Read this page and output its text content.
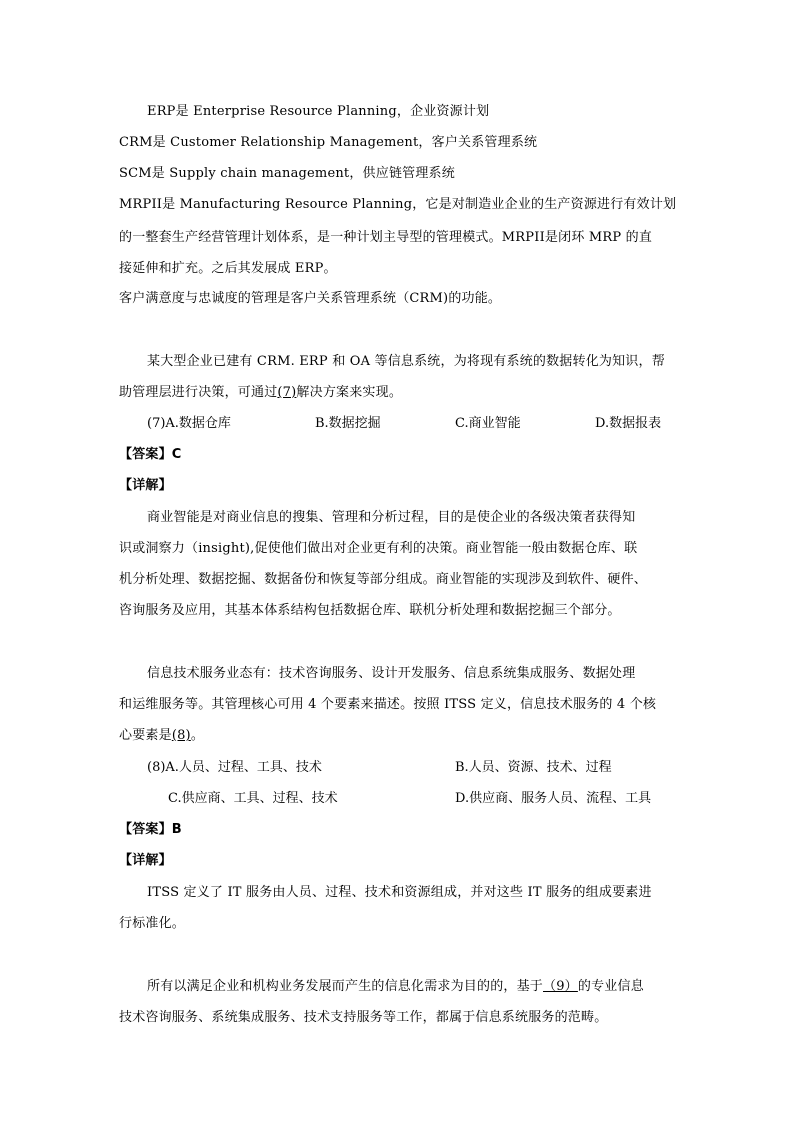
ERP是 Enterprise Resource Planning，企业资源计划
CRM是 Customer Relationship Management，客户关系管理系统
SCM是 Supply chain management，供应链管理系统
MRPII是 Manufacturing Resource Planning，它是对制造业企业的生产资源进行有效计划
的一整套生产经营管理计划体系，是一种计划主导型的管理模式。MRPII是闭环 MRP 的直
接延伸和扩充。之后其发展成 ERP。
客户满意度与忠诚度的管理是客户关系管理系统（CRM)的功能。
某大型企业已建有 CRM. ERP 和 OA 等信息系统，为将现有系统的数据转化为知识，帮
助管理层进行决策，可通过(7)解决方案来实现。
(7)A.数据仓库	B.数据挖掘	C.商业智能	D.数据报表
【答案】C
【详解】
商业智能是对商业信息的搜集、管理和分析过程，目的是使企业的各级决策者获得知
识或洞察力（insight),促使他们做出对企业更有利的决策。商业智能一般由数据仓库、联
机分析处理、数据挖掘、数据备份和恢复等部分组成。商业智能的实现涉及到软件、硬件、
咨询服务及应用，其基本体系结构包括数据仓库、联机分析处理和数据挖掘三个部分。
信息技术服务业态有：技术咨询服务、设计开发服务、信息系统集成服务、数据处理
和运维服务等。其管理核心可用 4 个要素来描述。按照 ITSS 定义，信息技术服务的 4 个核
心要素是(8)。
(8)A.人员、过程、工具、技术	B.人员、资源、技术、过程
C.供应商、工具、过程、技术	D.供应商、服务人员、流程、工具
【答案】B
【详解】
ITSS 定义了 IT 服务由人员、过程、技术和资源组成，并对这些 IT 服务的组成要素进
行标准化。
所有以满足企业和机构业务发展而产生的信息化需求为目的的，基于（9）的专业信息
技术咨询服务、系统集成服务、技术支持服务等工作，都属于信息系统服务的范畴。
